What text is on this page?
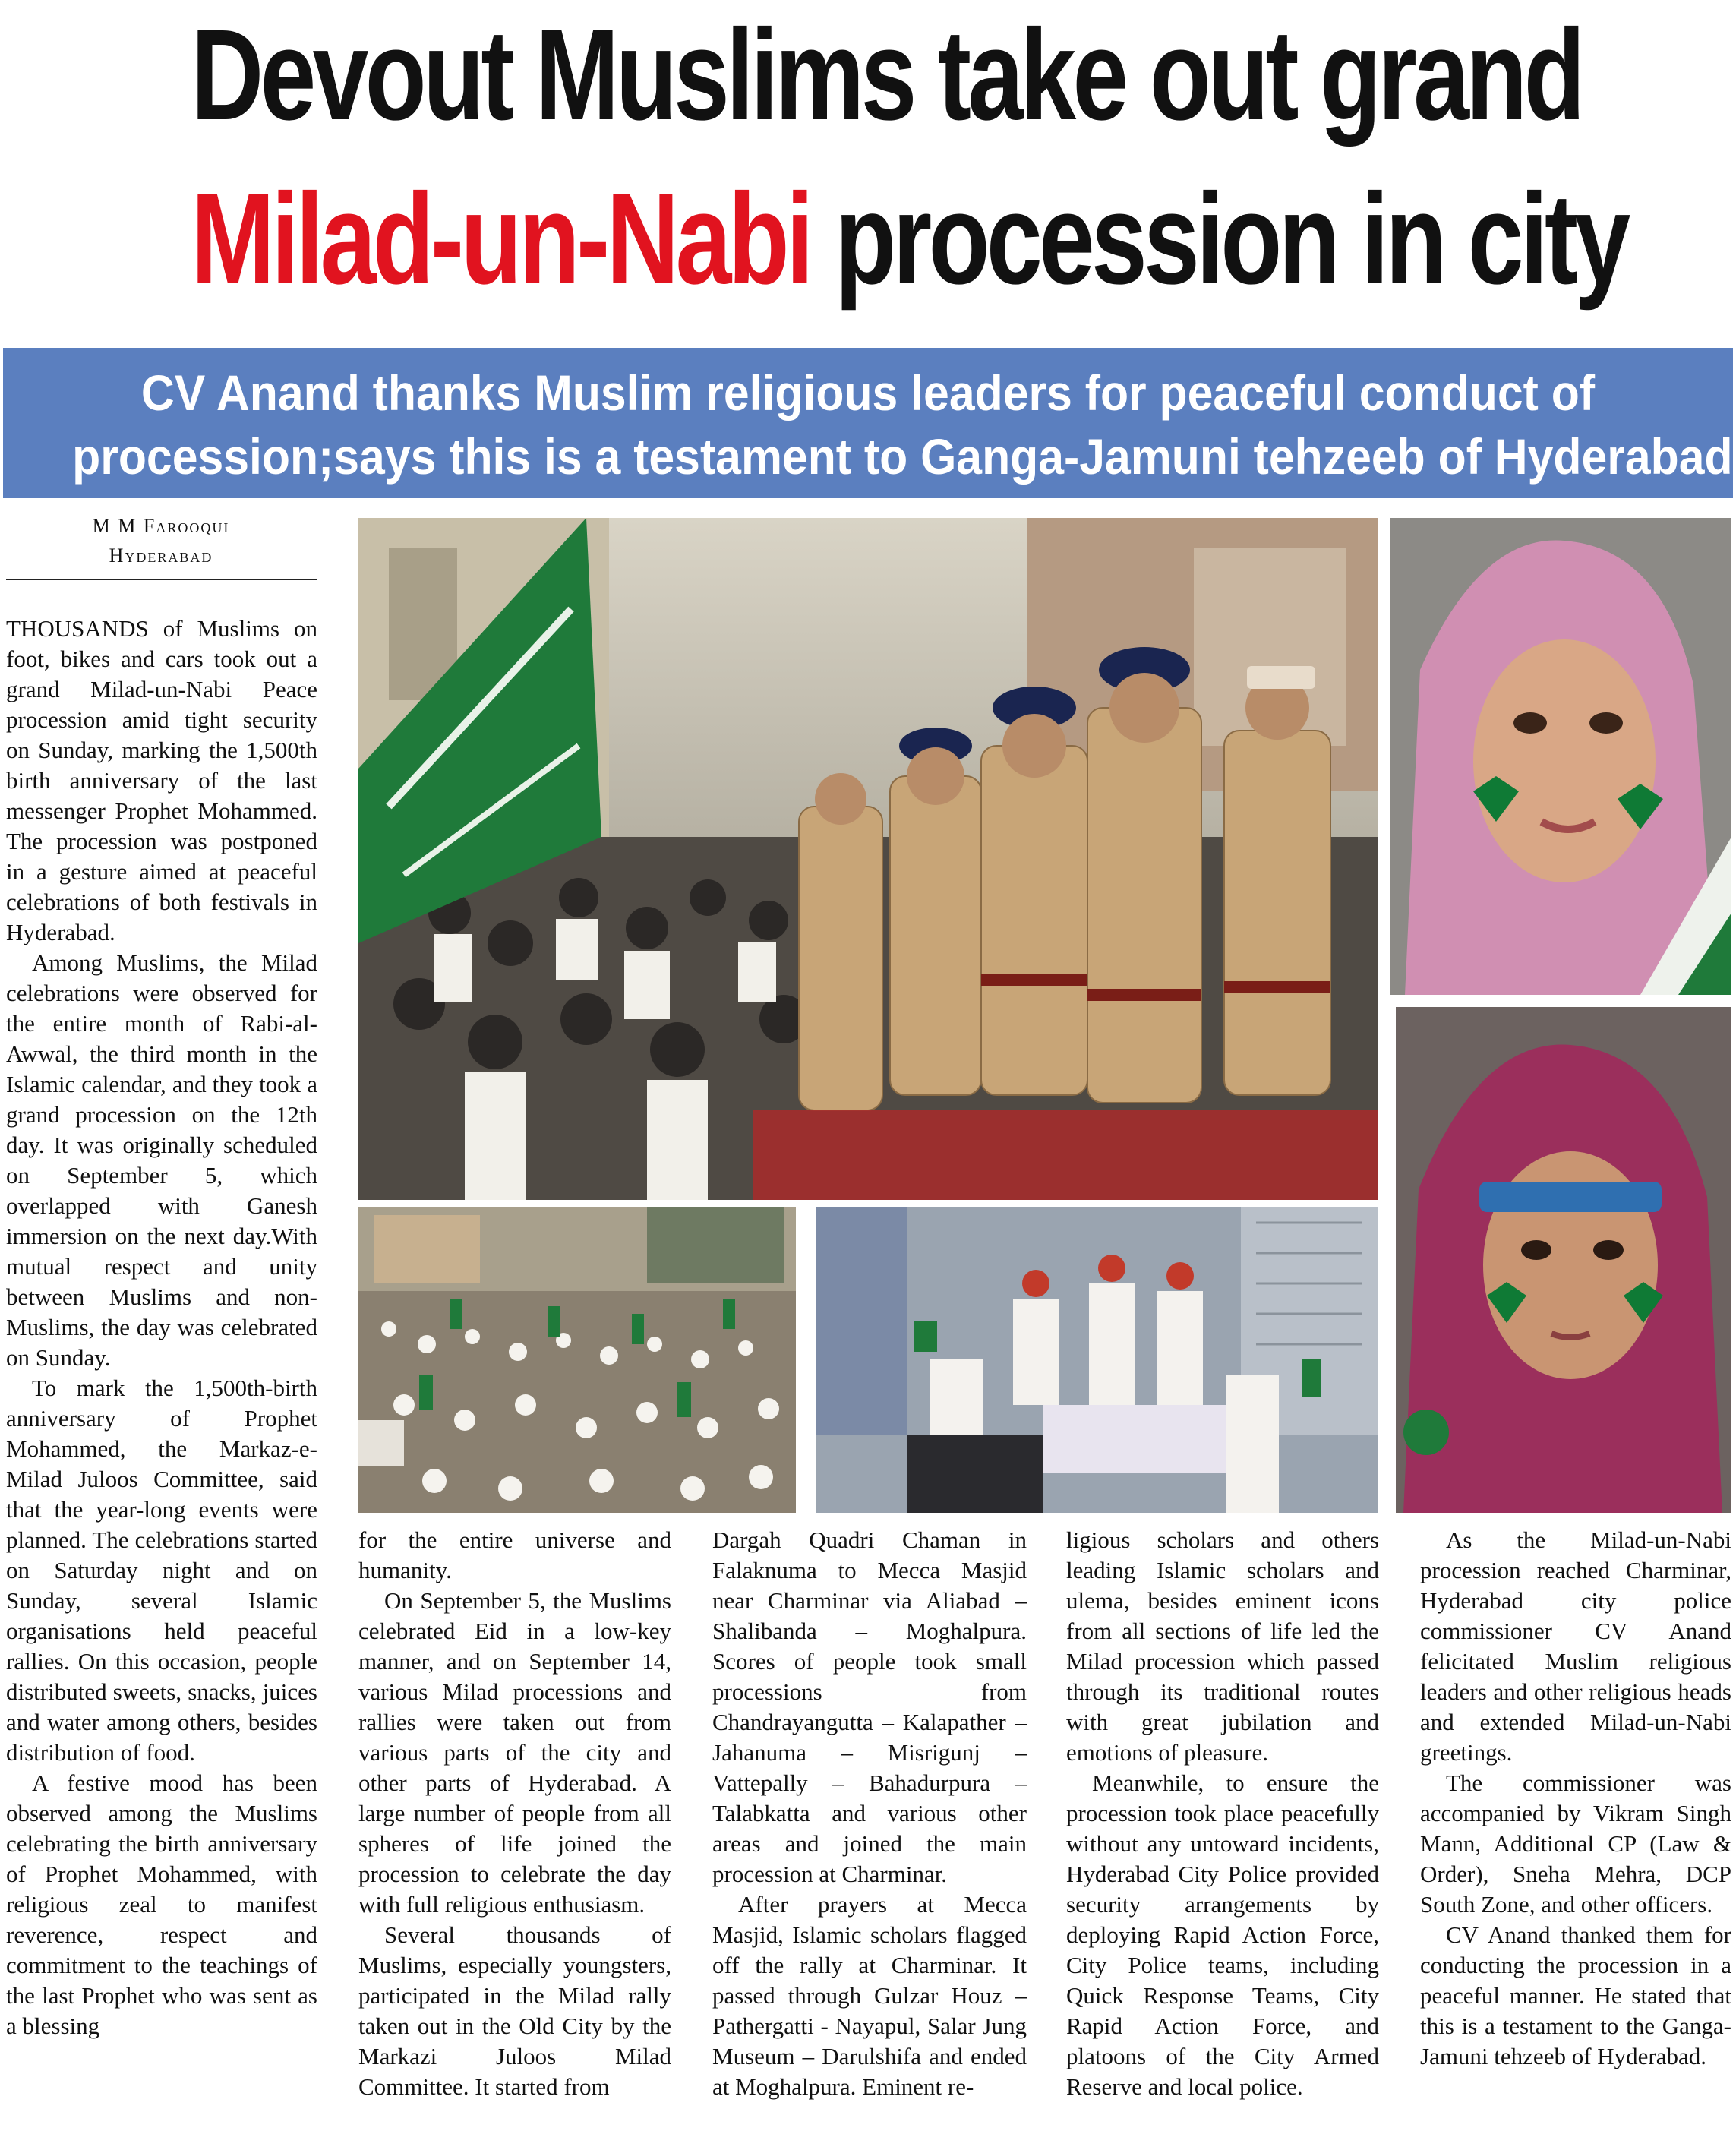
Devout Muslims take out grand
Milad-un-Nabi procession in city
CV Anand thanks Muslim religious leaders for peaceful conduct of
procession;says this is a testament to Ganga-Jamuni tehzeeb of Hyderabad
M M Farooqui
Hyderabad

THOUSANDS of Muslims on foot, bikes and cars took out a grand Milad-un-Nabi Peace procession amid tight security on Sunday, marking the 1,500th birth anniversary of the last messenger Prophet Mohammed. The procession was postponed in a gesture aimed at peaceful celebrations of both festivals in Hyderabad.

Among Muslims, the Milad celebrations were observed for the entire month of Rabi-al-Awwal, the third month in the Islamic calendar, and they took a grand procession on the 12th day. It was originally scheduled on September 5, which overlapped with Ganesh immersion on the next day.With mutual respect and unity between Muslims and non-Muslims, the day was celebrated on Sunday.

To mark the 1,500th-birth anniversary of Prophet Mohammed, the Markaz-e-Milad Juloos Committee, said that the year-long events were planned. The celebrations started on Saturday night and on Sunday, several Islamic organisations held peaceful rallies. On this occasion, people distributed sweets, snacks, juices and water among others, besides distribution of food.

A festive mood has been observed among the Muslims celebrating the birth anniversary of Prophet Mohammed, with religious zeal to manifest reverence, respect and commitment to the teachings of the last Prophet who was sent as a blessing

for the entire universe and humanity.

On September 5, the Muslims celebrated Eid in a low-key manner, and on September 14, various Milad processions and rallies were taken out from various parts of the city and other parts of Hyderabad. A large number of people from all spheres of life joined the procession to celebrate the day with full religious enthusiasm.

Several thousands of Muslims, especially youngsters, participated in the Milad rally taken out in the Old City by the Markazi Juloos Milad Committee. It started from

Dargah Quadri Chaman in Falaknuma to Mecca Masjid near Charminar via Aliabad – Shalibanda – Moghalpura. Scores of people took small processions from Chandrayangutta – Kalapather – Jahanuma – Misrigunj – Vattepally – Bahadurpura – Talabkatta and various other areas and joined the main procession at Charminar.

After prayers at Mecca Masjid, Islamic scholars flagged off the rally at Charminar. It passed through Gulzar Houz – Pathergatti - Nayapul, Salar Jung Museum – Darulshifa and ended at Moghalpura. Eminent re-

ligious scholars and others leading Islamic scholars and ulema, besides eminent icons from all sections of life led the Milad procession which passed through its traditional routes with great jubilation and emotions of pleasure.

Meanwhile, to ensure the procession took place peacefully without any untoward incidents, Hyderabad City Police provided security arrangements by deploying Rapid Action Force, City Police teams, including Quick Response Teams, City Rapid Action Force, and platoons of the City Armed Reserve and local police.

As the Milad-un-Nabi procession reached Charminar, Hyderabad city police commissioner CV Anand felicitated Muslim religious leaders and other religious heads and extended Milad-un-Nabi greetings.

The commissioner was accompanied by Vikram Singh Mann, Additional CP (Law & Order), Sneha Mehra, DCP South Zone, and other officers.

CV Anand thanked them for conducting the procession in a peaceful manner. He stated that this is a testament to the Ganga-Jamuni tehzeeb of Hyderabad.
